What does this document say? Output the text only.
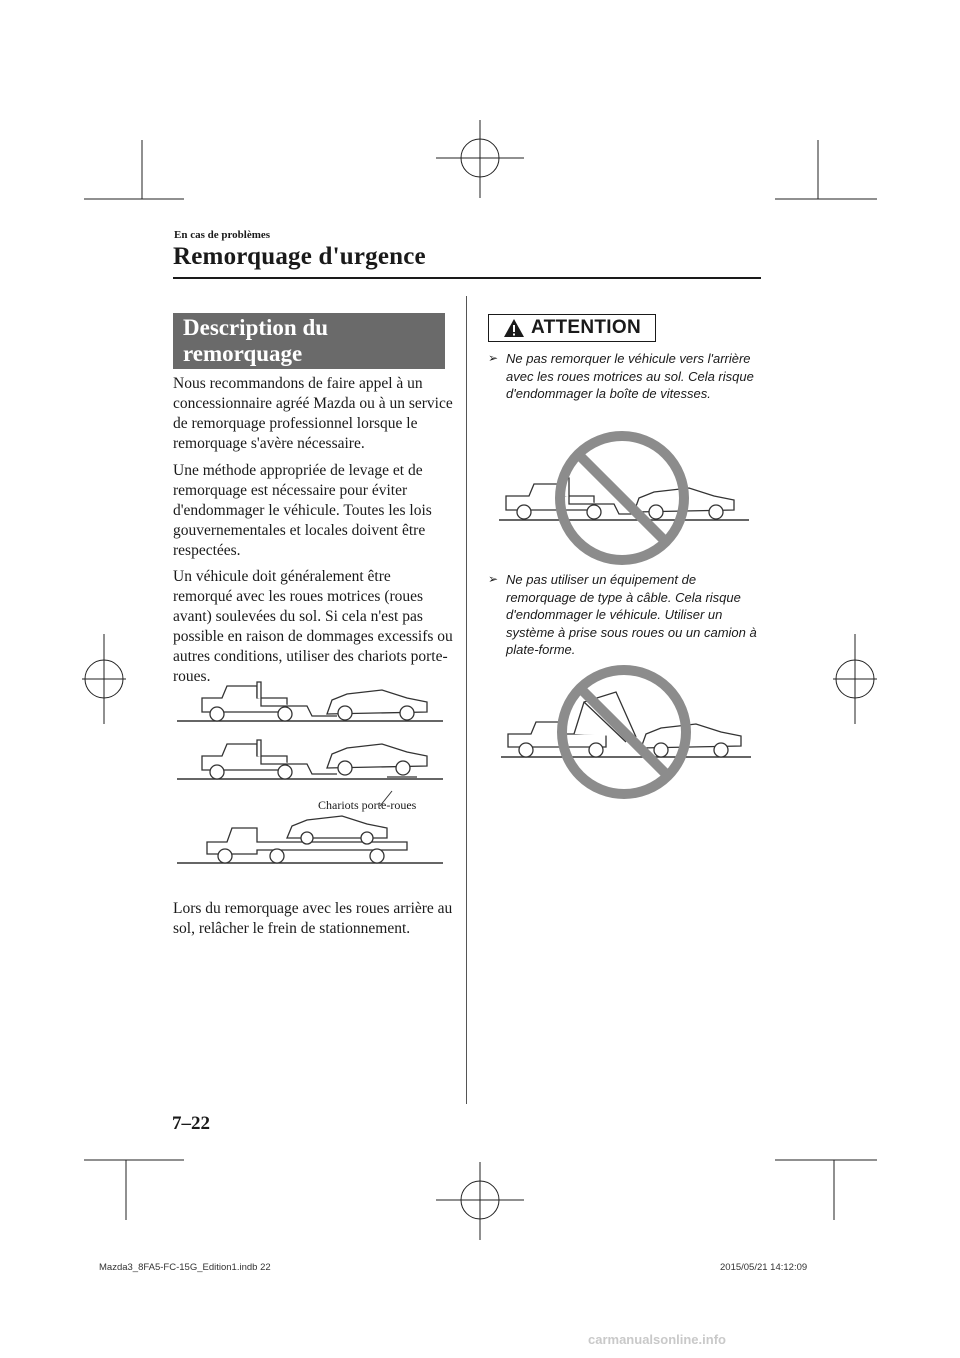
En cas de problèmes
Remorquage d'urgence
Description du remorquage

Nous recommandons de faire appel à un concessionnaire agréé Mazda ou à un service de remorquage professionnel lorsque le remorquage s'avère nécessaire.

Une méthode appropriée de levage et de remorquage est nécessaire pour éviter d'endommager le véhicule. Toutes les lois gouvernementales et locales doivent être respectées.

Un véhicule doit généralement être remorqué avec les roues motrices (roues avant) soulevées du sol. Si cela n'est pas possible en raison de dommages excessifs ou autres conditions, utiliser des chariots porte-roues.

Chariots porte-roues

Lors du remorquage avec les roues arrière au sol, relâcher le frein de stationnement.

ATTENTION
➢ Ne pas remorquer le véhicule vers l'arrière avec les roues motrices au sol. Cela risque d'endommager la boîte de vitesses.
➢ Ne pas utiliser un équipement de remorquage de type à câble. Cela risque d'endommager le véhicule. Utiliser un système à prise sous roues ou un camion à plate-forme.
7–22
Mazda3_8FA5-FC-15G_Edition1.indb 22	2015/05/21 14:12:09
carmanualsonline.info
